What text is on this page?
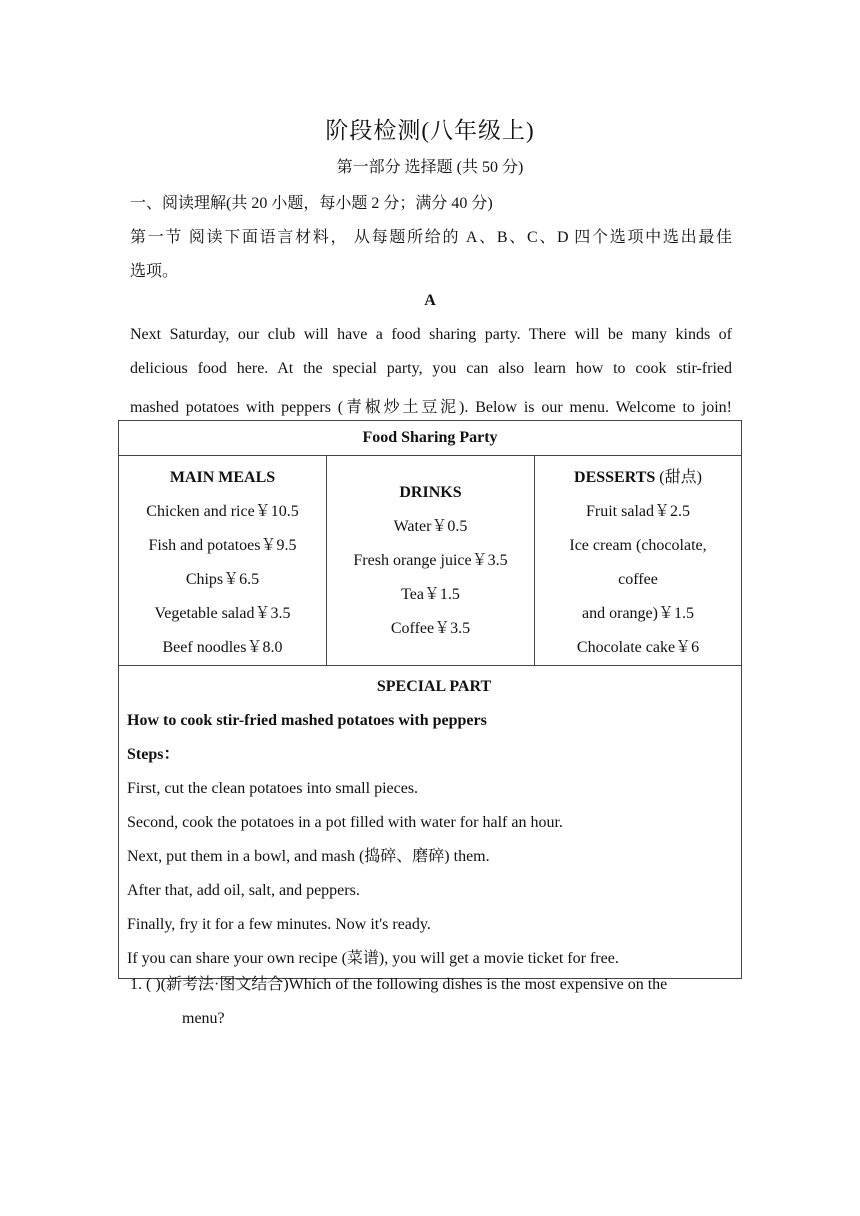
阶段检测(八年级上)
第一部分 选择题 (共 50 分)
一、阅读理解(共 20 小题，每小题 2 分；满分 40 分)
第一节 阅读下面语言材料， 从每题所给的 A、B、C、D 四个选项中选出最佳
选项。
A
Next Saturday, our club will have a food sharing party. There will be many kinds of
delicious food here. At the special party, you can also learn how to cook stir-fried
mashed potatoes with peppers (青椒炒土豆泥). Below is our menu. Welcome to join!
Food Sharing Party

MAIN MEALS
Chicken and rice￥10.5
Fish and potatoes￥9.5
Chips￥6.5
Vegetable salad￥3.5
Beef noodles￥8.0

DRINKS
Water￥0.5
Fresh orange juice￥3.5
Tea￥1.5
Coffee￥3.5

DESSERTS (甜点)
Fruit salad￥2.5
Ice cream (chocolate,
coffee
and orange)￥1.5
Chocolate cake￥6

SPECIAL PART
How to cook stir-fried mashed potatoes with peppers
Steps：
First, cut the clean potatoes into small pieces.
Second, cook the potatoes in a pot filled with water for half an hour.
Next, put them in a bowl, and mash (捣碎、磨碎) them.
After that, add oil, salt, and peppers.
Finally, fry it for a few minutes. Now it's ready.
If you can share your own recipe (菜谱), you will get a movie ticket for free.
1. ( )(新考法·图文结合)Which of the following dishes is the most expensive on the
menu?
